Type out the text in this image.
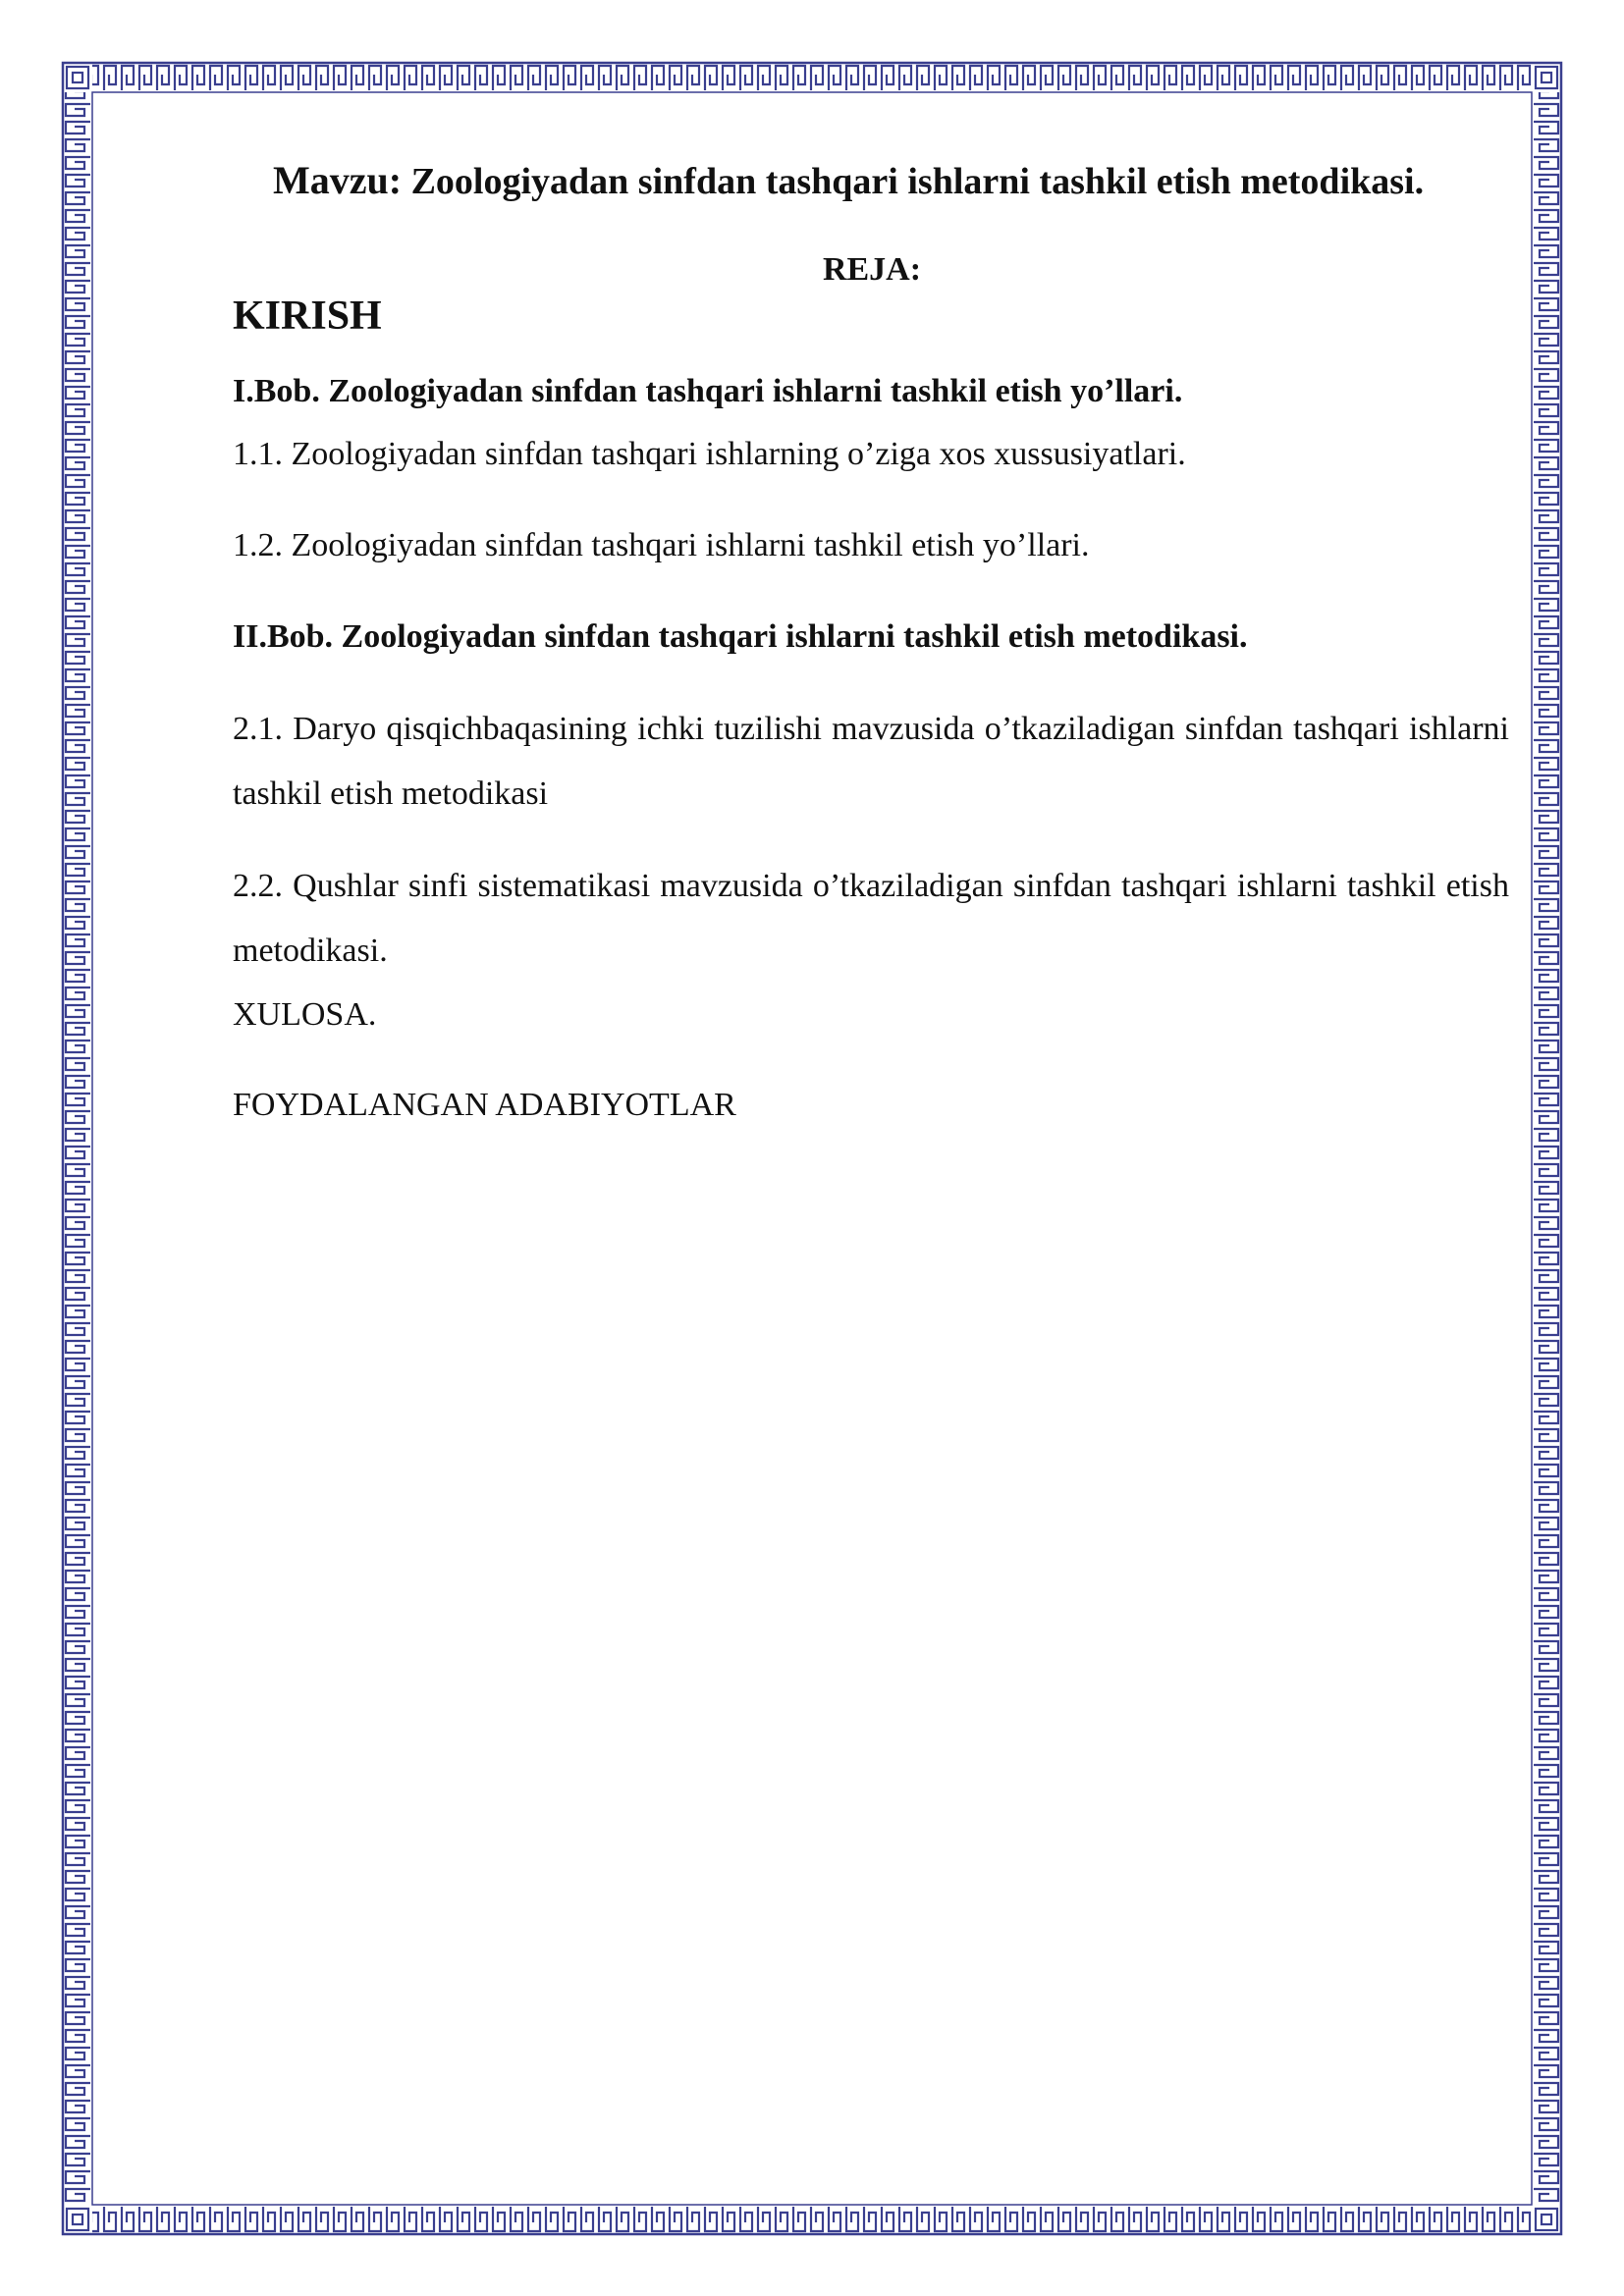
Mavzu: Zoologiyadan sinfdan tashqari ishlarni tashkil etish metodikasi.

REJA:

KIRISH

I.Bob. Zoologiyadan sinfdan tashqari ishlarni tashkil etish yo’llari.

1.1. Zoologiyadan sinfdan tashqari ishlarning o’ziga xos xussusiyatlari.

1.2. Zoologiyadan sinfdan tashqari ishlarni tashkil etish yo’llari.

II.Bob. Zoologiyadan sinfdan tashqari ishlarni tashkil etish metodikasi.

2.1. Daryo qisqichbaqasining ichki tuzilishi mavzusida o’tkaziladigan sinfdan tashqari ishlarni tashkil etish metodikasi

2.2. Qushlar sinfi sistematikasi mavzusida o’tkaziladigan sinfdan tashqari ishlarni tashkil etish metodikasi.

XULOSA.

FOYDALANGAN ADABIYOTLAR
